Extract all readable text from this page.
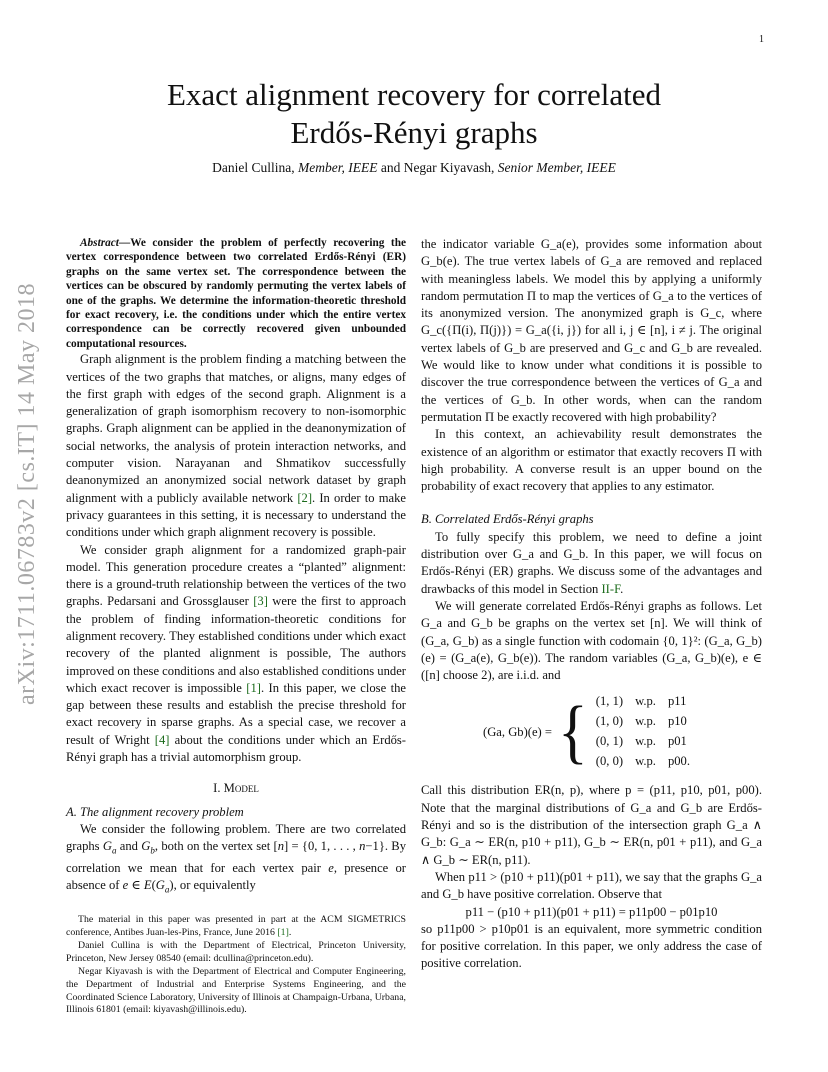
1
arXiv:1711.06783v2 [cs.IT] 14 May 2018
Exact alignment recovery for correlated
Erdős-Rényi graphs
Daniel Cullina, Member, IEEE and Negar Kiyavash, Senior Member, IEEE

Abstract—We consider the problem of perfectly recovering the vertex correspondence between two correlated Erdős-Rényi (ER) graphs on the same vertex set. The correspondence between the vertices can be obscured by randomly permuting the vertex labels of one of the graphs. We determine the information-theoretic threshold for exact recovery, i.e. the conditions under which the entire vertex correspondence can be correctly recovered given unbounded computational resources.

Graph alignment is the problem finding a matching between the vertices of the two graphs that matches, or aligns, many edges of the first graph with edges of the second graph. Alignment is a generalization of graph isomorphism recovery to non-isomorphic graphs. Graph alignment can be applied in the deanonymization of social networks, the analysis of protein interaction networks, and computer vision. Narayanan and Shmatikov successfully deanonymized an anonymized social network dataset by graph alignment with a publicly available network [2]. In order to make privacy guarantees in this setting, it is necessary to understand the conditions under which graph alignment recovery is possible.

We consider graph alignment for a randomized graph-pair model. This generation procedure creates a “planted” alignment: there is a ground-truth relationship between the vertices of the two graphs. Pedarsani and Grossglauser [3] were the first to approach the problem of finding information-theoretic conditions for alignment recovery. They established conditions under which exact recovery of the planted alignment is possible, The authors improved on these conditions and also established conditions under which exact recover is impossible [1]. In this paper, we close the gap between these results and establish the precise threshold for exact recovery in sparse graphs. As a special case, we recover a result of Wright [4] about the conditions under which an Erdős-Rényi graph has a trivial automorphism group.

I. Model

A. The alignment recovery problem

We consider the following problem. There are two correlated graphs $G_a$ and $G_b$, both on the vertex set [n] = {0, 1, . . . , n−1}. By correlation we mean that for each vertex pair e, presence or absence of e ∈ $E(G_a)$, or equivalently

The material in this paper was presented in part at the ACM SIGMETRICS conference, Antibes Juan-les-Pins, France, June 2016 [1].

Daniel Cullina is with the Department of Electrical, Princeton University, Princeton, New Jersey 08540 (email: dcullina@princeton.edu).

Negar Kiyavash is with the Department of Electrical and Computer Engineering, the Department of Industrial and Enterprise Systems Engineering, and the Coordinated Science Laboratory, University of Illinois at Champaign-Urbana, Urbana, Illinois 61801 (email: kiyavash@illinois.edu).

the indicator variable G_a(e), provides some information about G_b(e). The true vertex labels of G_a are removed and replaced with meaningless labels. We model this by applying a uniformly random permutation Π to map the vertices of G_a to the vertices of its anonymized version. The anonymized graph is G_c, where G_c({Π(i), Π(j)}) = G_a({i, j}) for all i, j ∈ [n], i ≠ j. The original vertex labels of G_b are preserved and G_c and G_b are revealed. We would like to know under what conditions it is possible to discover the true correspondence between the vertices of G_a and the vertices of G_b. In other words, when can the random permutation Π be exactly recovered with high probability?

In this context, an achievability result demonstrates the existence of an algorithm or estimator that exactly recovers Π with high probability. A converse result is an upper bound on the probability of exact recovery that applies to any estimator.

B. Correlated Erdős-Rényi graphs

To fully specify this problem, we need to define a joint distribution over G_a and G_b. In this paper, we will focus on Erdős-Rényi (ER) graphs. We discuss some of the advantages and drawbacks of this model in Section II-F.

We will generate correlated Erdős-Rényi graphs as follows. Let G_a and G_b be graphs on the vertex set [n]. We will think of (G_a, G_b) as a single function with codomain {0, 1}²: (G_a, G_b)(e) = (G_a(e), G_b(e)). The random variables (G_a, G_b)(e), e ∈ ([n] choose 2), are i.i.d. and

(Ga, Gb)(e) = { (1, 1)	w.p.	p11
(1, 0)	w.p.	p10
(0, 1)	w.p.	p01
(0, 0)	w.p.	p00.

Call this distribution ER(n, p), where p = (p11, p10, p01, p00). Note that the marginal distributions of G_a and G_b are Erdős-Rényi and so is the distribution of the intersection graph G_a ∧ G_b: G_a ∼ ER(n, p10 + p11), G_b ∼ ER(n, p01 + p11), and G_a ∧ G_b ∼ ER(n, p11).

When p11 > (p10 + p11)(p01 + p11), we say that the graphs G_a and G_b have positive correlation. Observe that

p11 − (p10 + p11)(p01 + p11) = p11p00 − p01p10

so p11p00 > p10p01 is an equivalent, more symmetric condition for positive correlation. In this paper, we only address the case of positive correlation.
